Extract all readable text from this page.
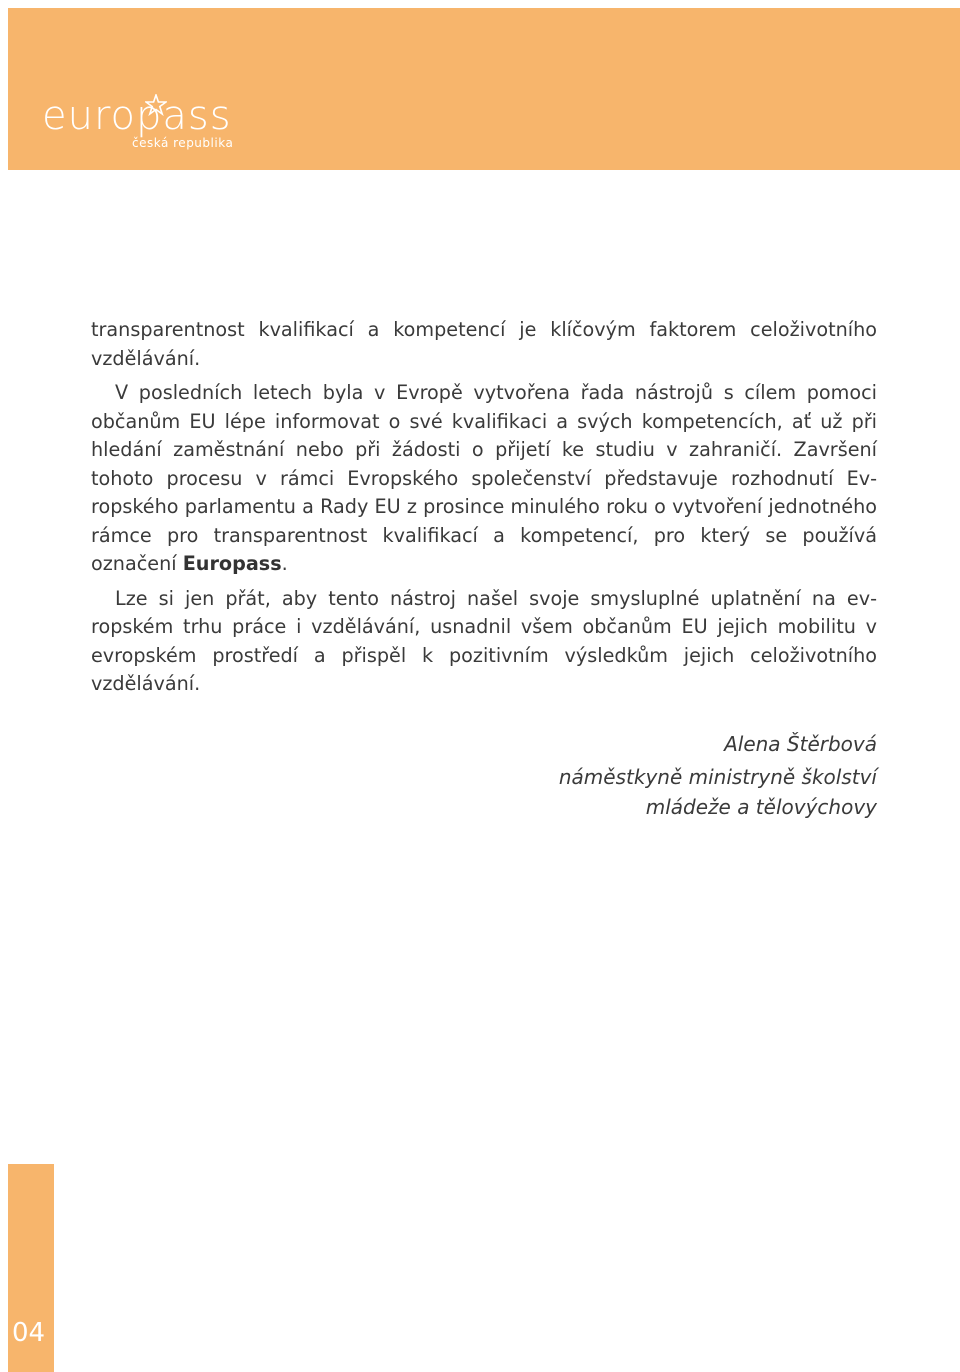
europass
česká republika

transparentnost kvalifikací a kompetencí je klíčovým faktorem celoživotního vzdělávání.

V posledních letech byla v Evropě vytvořena řada nástrojů s cílem pomoci občanům EU lépe informovat o své kvalifikaci a svých kompetencích, ať už při hledání zaměstnání nebo při žádosti o přijetí ke studiu v zahraničí. Završení tohoto procesu v rámci Evropského společenství představuje rozhodnutí Evropského parlamentu a Rady EU z prosince minulého roku o vytvoření jednotného rámce pro transparentnost kvalifikací a kompetencí, pro který se používá označení Europass.

Lze si jen přát, aby tento nástroj našel svoje smysluplné uplatnění na evropském trhu práce i vzdělávání, usnadnil všem občanům EU jejich mobilitu v evropském prostředí a přispěl k pozitivním výsledkům jejich celoživotního vzdělávání.

Alena Štěrbová
náměstkyně ministryně školství
mládeže a tělovýchovy
04
